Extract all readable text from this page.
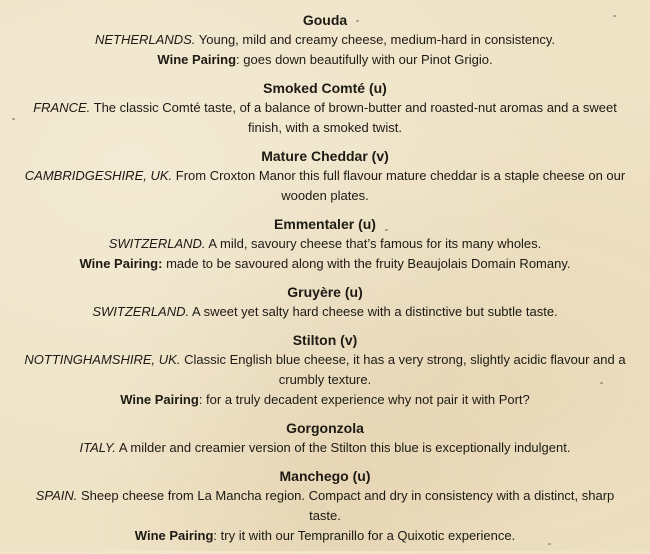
Gouda
NETHERLANDS. Young, mild and creamy cheese, medium-hard in consistency.
Wine Pairing: goes down beautifully with our Pinot Grigio.
Smoked Comté (u)
FRANCE. The classic Comté taste, of a balance of brown-butter and roasted-nut aromas and a sweet finish, with a smoked twist.
Mature Cheddar (v)
CAMBRIDGESHIRE, UK. From Croxton Manor this full flavour mature cheddar is a staple cheese on our wooden plates.
Emmentaler (u)
SWITZERLAND. A mild, savoury cheese that’s famous for its many wholes.
Wine Pairing: made to be savoured along with the fruity Beaujolais Domain Romany.
Gruyère (u)
SWITZERLAND. A sweet yet salty hard cheese with a distinctive but subtle taste.
Stilton (v)
NOTTINGHAMSHIRE, UK. Classic English blue cheese, it has a very strong, slightly acidic flavour and a crumbly texture.
Wine Pairing: for a truly decadent experience why not pair it with Port?
Gorgonzola
ITALY. A milder and creamier version of the Stilton this blue is exceptionally indulgent.
Manchego (u)
SPAIN. Sheep cheese from La Mancha region. Compact and dry in consistency with a distinct, sharp taste.
Wine Pairing: try it with our Tempranillo for a Quixotic experience.
